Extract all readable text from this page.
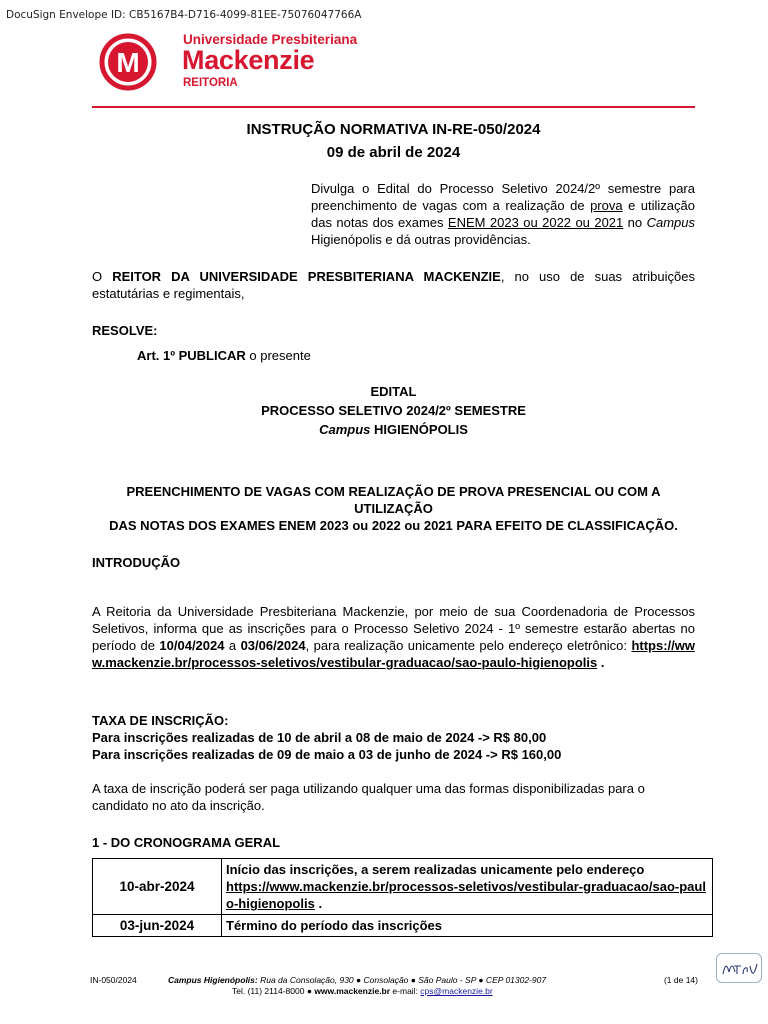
DocuSign Envelope ID: CB5167B4-D716-4099-81EE-75076047766A
M
Universidade Presbiteriana
Mackenzie
REITORIA
INSTRUÇÃO NORMATIVA IN-RE-050/2024
09 de abril de 2024
Divulga o Edital do Processo Seletivo 2024/2º semestre para preenchimento de vagas com a realização de prova e utilização das notas dos exames ENEM 2023 ou 2022 ou 2021 no Campus Higienópolis e dá outras providências.
O REITOR DA UNIVERSIDADE PRESBITERIANA MACKENZIE, no uso de suas atribuições estatutárias e regimentais,
RESOLVE:
Art. 1º PUBLICAR o presente
EDITAL
PROCESSO SELETIVO 2024/2º SEMESTRE
Campus HIGIENÓPOLIS
PREENCHIMENTO DE VAGAS COM REALIZAÇÃO DE PROVA PRESENCIAL OU COM A
UTILIZAÇÃO
DAS NOTAS DOS EXAMES ENEM 2023 ou 2022 ou 2021 PARA EFEITO DE CLASSIFICAÇÃO.
INTRODUÇÃO
A Reitoria da Universidade Presbiteriana Mackenzie, por meio de sua Coordenadoria de Processos Seletivos, informa que as inscrições para o Processo Seletivo 2024 - 1º semestre estarão abertas no período de 10/04/2024 a 03/06/2024, para realização unicamente pelo endereço eletrônico: https://www.mackenzie.br/processos-seletivos/vestibular-graduacao/sao-paulo-higienopolis .
TAXA DE INSCRIÇÃO:
Para inscrições realizadas de 10 de abril a 08 de maio de 2024 -> R$ 80,00
Para inscrições realizadas de 09 de maio a 03 de junho de 2024 -> R$ 160,00
A taxa de inscrição poderá ser paga utilizando qualquer uma das formas disponibilizadas para o candidato no ato da inscrição.
1 - DO CRONOGRAMA GERAL
10-abr-2024	Início das inscrições, a serem realizadas unicamente pelo endereço
https://www.mackenzie.br/processos-seletivos/vestibular-graduacao/sao-paulo-higienopolis .
03-jun-2024	Término do período das inscrições
IN-050/2024	Campus Higienópolis: Rua da Consolação, 930 ● Consolação ● São Paulo - SP ● CEP 01302-907	(1 de 14)
Tel. (11) 2114-8000 ● www.mackenzie.br e-mail: cps@mackenzie.br
